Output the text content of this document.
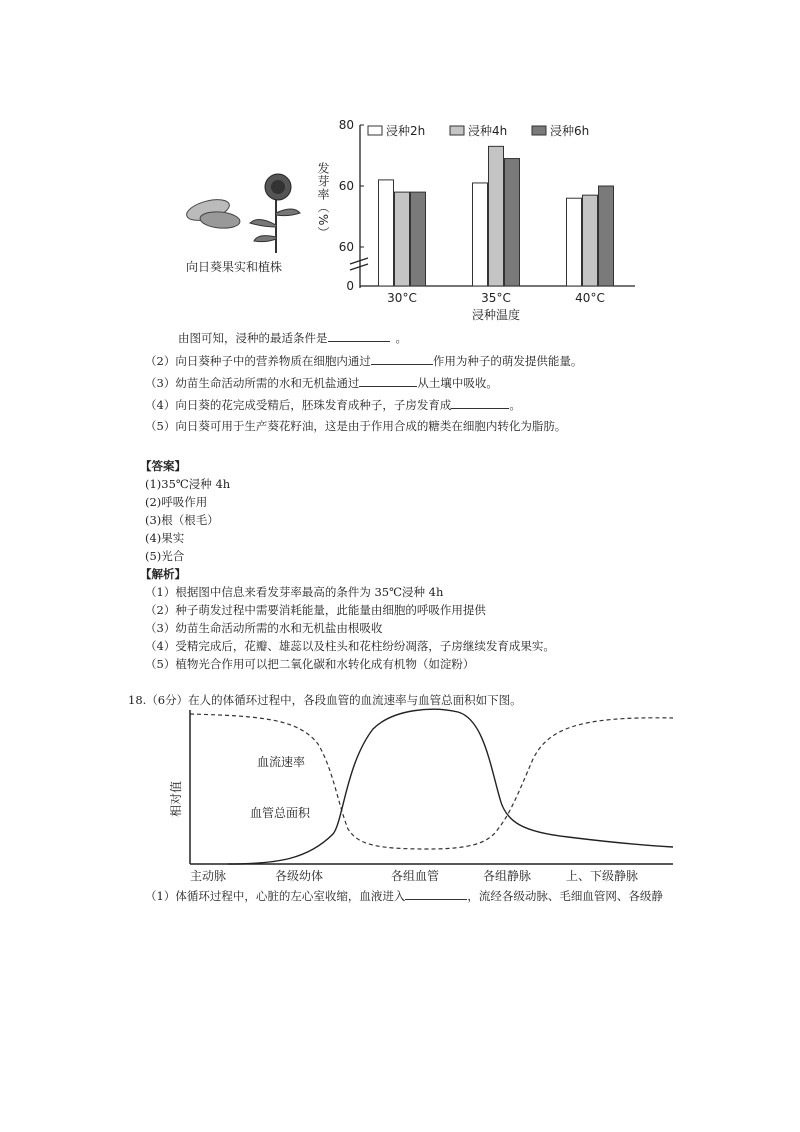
向日葵果实和植株
80
60
60
0
发芽率（%）
30°C	35°C	40°C
浸种温度
浸种2h	浸种4h	浸种6h
由图可知，浸种的最适条件是	。
（2）向日葵种子中的营养物质在细胞内通过	作用为种子的萌发提供能量。
（3）幼苗生命活动所需的水和无机盐通过	从土壤中吸收。
（4）向日葵的花完成受精后，胚珠发育成种子，子房发育成	。
（5）向日葵可用于生产葵花籽油，这是由于作用合成的糖类在细胞内转化为脂肪。
【答案】
(1)35℃浸种 4h
(2)呼吸作用
(3)根（根毛）
(4)果实
(5)光合
【解析】
（1）根据图中信息来看发芽率最高的条件为 35℃浸种 4h
（2）种子萌发过程中需要消耗能量，此能量由细胞的呼吸作用提供
（3）幼苗生命活动所需的水和无机盐由根吸收
（4）受精完成后，花瓣、雄蕊以及柱头和花柱纷纷凋落，子房继续发育成果实。
（5）植物光合作用可以把二氧化碳和水转化成有机物（如淀粉）
18.（6分）在人的体循环过程中，各段血管的血流速率与血管总面积如下图。
相对值
血流速率
血管总面积
主动脉	各级幼体	各组血管	各组静脉	上、下级静脉
（1）体循环过程中，心脏的左心室收缩，血液进入	，流经各级动脉、毛细血管网、各级静
